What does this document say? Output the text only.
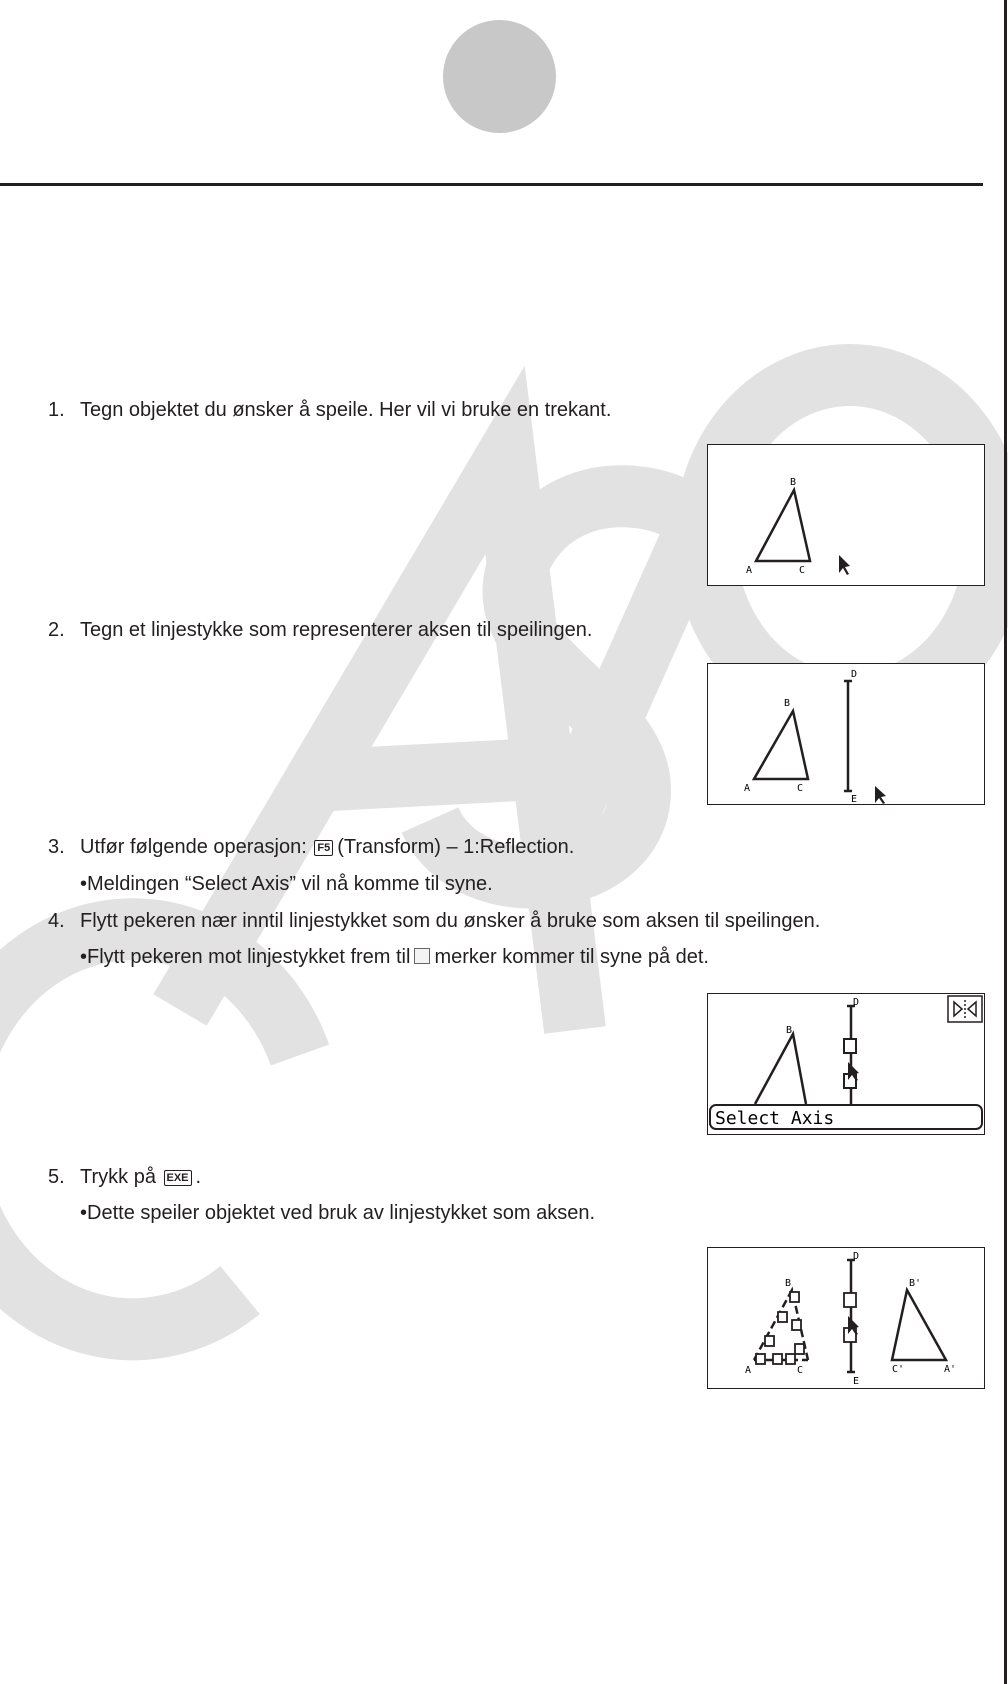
1. Tegn objektet du ønsker å speile. Her vil vi bruke en trekant.
B
A	C
2. Tegn et linjestykke som representerer aksen til speilingen.
B
A	C
D
E
3. Utfør følgende operasjon: F5 (Transform) – 1:Reflection.
•Meldingen “Select Axis” vil nå komme til syne.
4. Flytt pekeren nær inntil linjestykket som du ønsker å bruke som aksen til speilingen.
•Flytt pekeren mot linjestykket frem til merker kommer til syne på det.
B
D
Select Axis
5. Trykk på EXE .
•Dette speiler objektet ved bruk av linjestykket som aksen.
B
A	C
D
E
B'
C'	A'
